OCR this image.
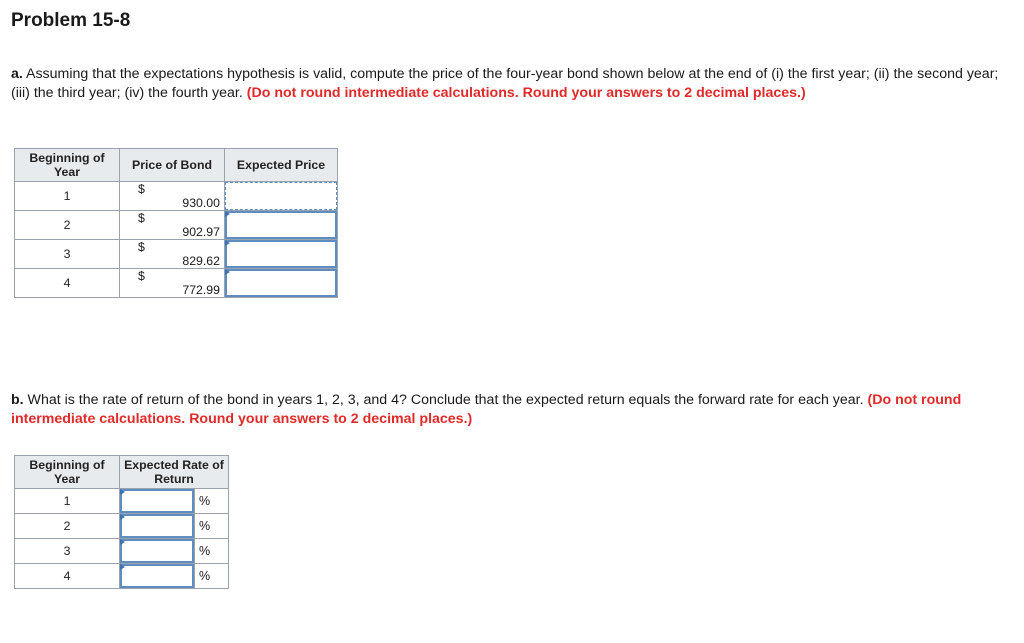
Problem 15-8
a. Assuming that the expectations hypothesis is valid, compute the price of the four-year bond shown below at the end of (i) the first year; (ii) the second year; (iii) the third year; (iv) the fourth year. (Do not round intermediate calculations. Round your answers to 2 decimal places.)
Beginning of Year	Price of Bond	Expected Price
1	$930.00	

2	$902.97	

3	$829.62	

4	$772.99	
b. What is the rate of return of the bond in years 1, 2, 3, and 4? Conclude that the expected return equals the forward rate for each year. (Do not round intermediate calculations. Round your answers to 2 decimal places.)
Beginning of Year	Expected Rate of Return	
1		%
2		%
3		%
4		%
